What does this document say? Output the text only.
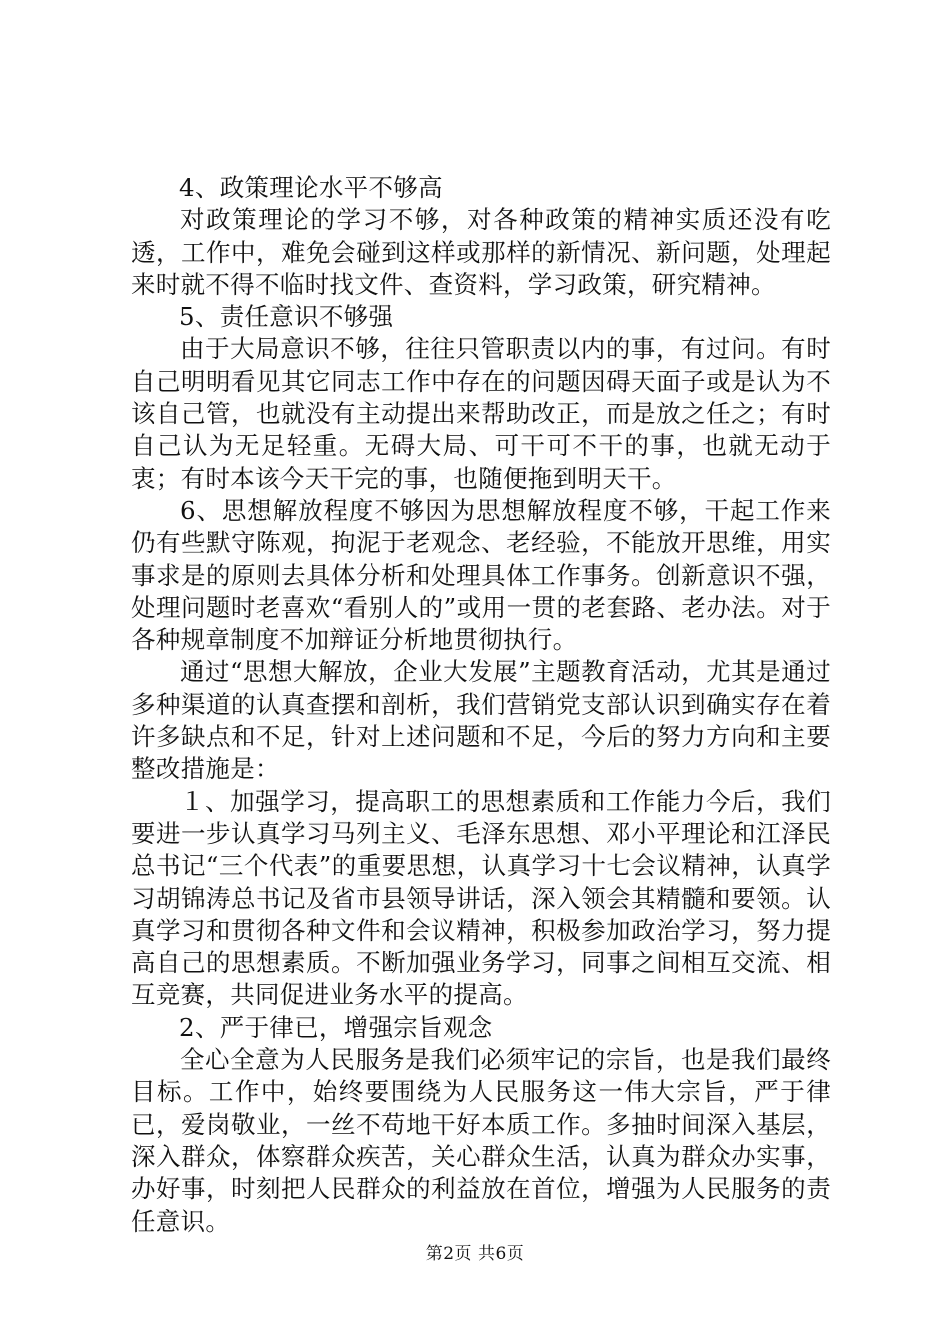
4、政策理论水平不够高

对政策理论的学习不够，对各种政策的精神实质还没有吃透，工作中，难免会碰到这样或那样的新情况、新问题，处理起来时就不得不临时找文件、查资料，学习政策，研究精神。

5、责任意识不够强

由于大局意识不够，往往只管职责以内的事，有过问。有时自己明明看见其它同志工作中存在的问题因碍天面子或是认为不该自己管，也就没有主动提出来帮助改正，而是放之任之；有时自己认为无足轻重。无碍大局、可干可不干的事，也就无动于衷；有时本该今天干完的事，也随便拖到明天干。

6、思想解放程度不够因为思想解放程度不够，干起工作来仍有些默守陈观，拘泥于老观念、老经验，不能放开思维，用实事求是的原则去具体分析和处理具体工作事务。创新意识不强，处理问题时老喜欢“看别人的”或用一贯的老套路、老办法。对于各种规章制度不加辩证分析地贯彻执行。

通过“思想大解放，企业大发展”主题教育活动，尤其是通过多种渠道的认真查摆和剖析，我们营销党支部认识到确实存在着许多缺点和不足，针对上述问题和不足，今后的努力方向和主要整改措施是：

１、加强学习，提高职工的思想素质和工作能力今后，我们要进一步认真学习马列主义、毛泽东思想、邓小平理论和江泽民总书记“三个代表”的重要思想，认真学习十七会议精神，认真学习胡锦涛总书记及省市县领导讲话，深入领会其精髓和要领。认真学习和贯彻各种文件和会议精神，积极参加政治学习，努力提高自己的思想素质。不断加强业务学习，同事之间相互交流、相互竞赛，共同促进业务水平的提高。

2、严于律已，增强宗旨观念

全心全意为人民服务是我们必须牢记的宗旨，也是我们最终目标。工作中，始终要围绕为人民服务这一伟大宗旨，严于律已，爱岗敬业，一丝不苟地干好本质工作。多抽时间深入基层，深入群众，体察群众疾苦，关心群众生活，认真为群众办实事，办好事，时刻把人民群众的利益放在首位，增强为人民服务的责任意识。

第2页 共6页
